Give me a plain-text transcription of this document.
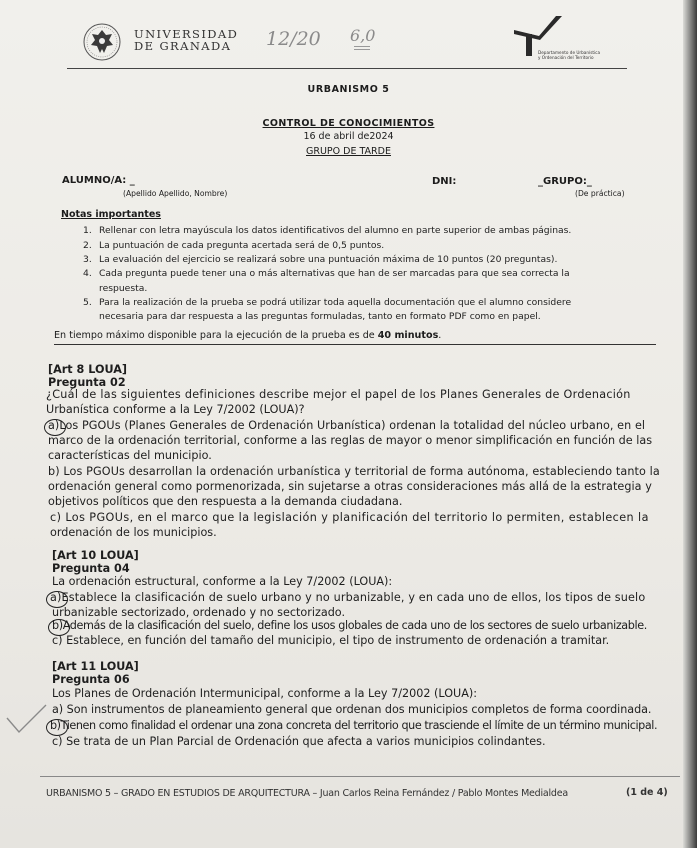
UNIVERSIDAD
DE GRANADA 12/20 6,0
Departamento de Urbanística
y Ordenación del Territorio
URBANISMO 5
CONTROL DE CONOCIMIENTOS
16 de abril de2024
GRUPO DE TARDE
ALUMNO/A: _
(Apellido Apellido, Nombre)
DNI:	_GRUPO:_
(De práctica)
Notas importantes
1. Rellenar con letra mayúscula los datos identificativos del alumno en parte superior de ambas páginas.
2. La puntuación de cada pregunta acertada será de 0,5 puntos.
3. La evaluación del ejercicio se realizará sobre una puntuación máxima de 10 puntos (20 preguntas).
4. Cada pregunta puede tener una o más alternativas que han de ser marcadas para que sea correcta la
respuesta.
5. Para la realización de la prueba se podrá utilizar toda aquella documentación que el alumno considere
necesaria para dar respuesta a las preguntas formuladas, tanto en formato PDF como en papel.
En tiempo máximo disponible para la ejecución de la prueba es de 40 minutos.
[Art 8 LOUA]
Pregunta 02
¿Cuál de las siguientes definiciones describe mejor el papel de los Planes Generales de Ordenación
Urbanística conforme a la Ley 7/2002 (LOUA)?
a)Los PGOUs (Planes Generales de Ordenación Urbanística) ordenan la totalidad del núcleo urbano, en el
marco de la ordenación territorial, conforme a las reglas de mayor o menor simplificación en función de las
características del municipio.
b) Los PGOUs desarrollan la ordenación urbanística y territorial de forma autónoma, estableciendo tanto la
ordenación general como pormenorizada, sin sujetarse a otras consideraciones más allá de la estrategia y
objetivos políticos que den respuesta a la demanda ciudadana.
c) Los PGOUs, en el marco que la legislación y planificación del territorio lo permiten, establecen la
ordenación de los municipios.
[Art 10 LOUA]
Pregunta 04
La ordenación estructural, conforme a la Ley 7/2002 (LOUA):
a)Establece la clasificación de suelo urbano y no urbanizable, y en cada uno de ellos, los tipos de suelo
urbanizable sectorizado, ordenado y no sectorizado.
b)Además de la clasificación del suelo, define los usos globales de cada uno de los sectores de suelo urbanizable.
c) Establece, en función del tamaño del municipio, el tipo de instrumento de ordenación a tramitar.
[Art 11 LOUA]
Pregunta 06
Los Planes de Ordenación Intermunicipal, conforme a la Ley 7/2002 (LOUA):
a) Son instrumentos de planeamiento general que ordenan dos municipios completos de forma coordinada.
b)Tienen como finalidad el ordenar una zona concreta del territorio que trasciende el límite de un término municipal.
c) Se trata de un Plan Parcial de Ordenación que afecta a varios municipios colindantes.
URBANISMO 5 – GRADO EN ESTUDIOS DE ARQUITECTURA – Juan Carlos Reina Fernández / Pablo Montes Medialdea	(1 de 4)
